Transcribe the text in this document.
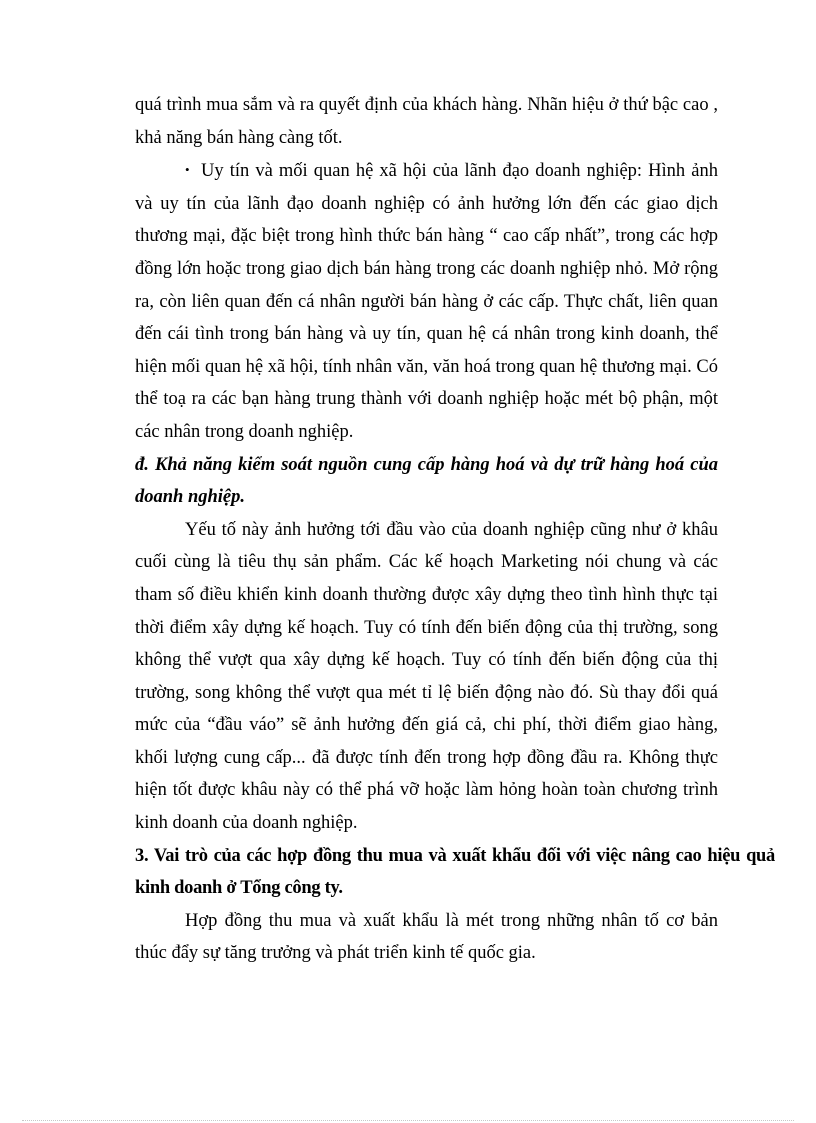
quá trình mua sắm và ra quyết định của khách hàng. Nhãn hiệu ở thứ bậc cao , khả năng bán hàng càng tốt.

• Uy tín và mối quan hệ xã hội của lãnh đạo doanh nghiệp: Hình ảnh và uy tín của lãnh đạo doanh nghiệp có ảnh hưởng lớn đến các giao dịch thương mại, đặc biệt trong hình thức bán hàng “ cao cấp nhất”, trong các hợp đồng lớn hoặc trong giao dịch bán hàng trong các doanh nghiệp nhỏ. Mở rộng ra, còn liên quan đến cá nhân người bán hàng ở các cấp. Thực chất, liên quan đến cái tình trong bán hàng và uy tín, quan hệ cá nhân trong kinh doanh, thể hiện mối quan hệ xã hội, tính nhân văn, văn hoá trong quan hệ thương mại. Có thể toạ ra các bạn hàng trung thành với doanh nghiệp hoặc mét bộ phận, một các nhân trong doanh nghiệp.

đ. Khả năng kiểm soát nguồn cung cấp hàng hoá và dự trữ hàng hoá của doanh nghiệp.

Yếu tố này ảnh hưởng tới đầu vào của doanh nghiệp cũng như ở khâu cuối cùng là tiêu thụ sản phẩm. Các kế hoạch Marketing nói chung và các tham số điều khiển kinh doanh thường được xây dựng theo tình hình thực tại thời điểm xây dựng kế hoạch. Tuy có tính đến biến động của thị trường, song không thể vượt qua xây dựng kế hoạch. Tuy có tính đến biến động của thị trường, song không thể vượt qua mét tỉ lệ biến động nào đó. Sù thay đổi quá mức của “đầu váo” sẽ ảnh hưởng đến giá cả, chi phí, thời điểm giao hàng, khối lượng cung cấp... đã được tính đến trong hợp đồng đầu ra. Không thực hiện tốt được khâu này có thể phá vỡ hoặc làm hỏng hoàn toàn chương trình kinh doanh của doanh nghiệp.

3. Vai trò của các hợp đồng thu mua và xuất khẩu đối với việc nâng cao hiệu quả kinh doanh ở Tổng công ty.

Hợp đồng thu mua và xuất khẩu là mét trong những nhân tố cơ bản thúc đẩy sự tăng trưởng và phát triển kinh tế quốc gia.
